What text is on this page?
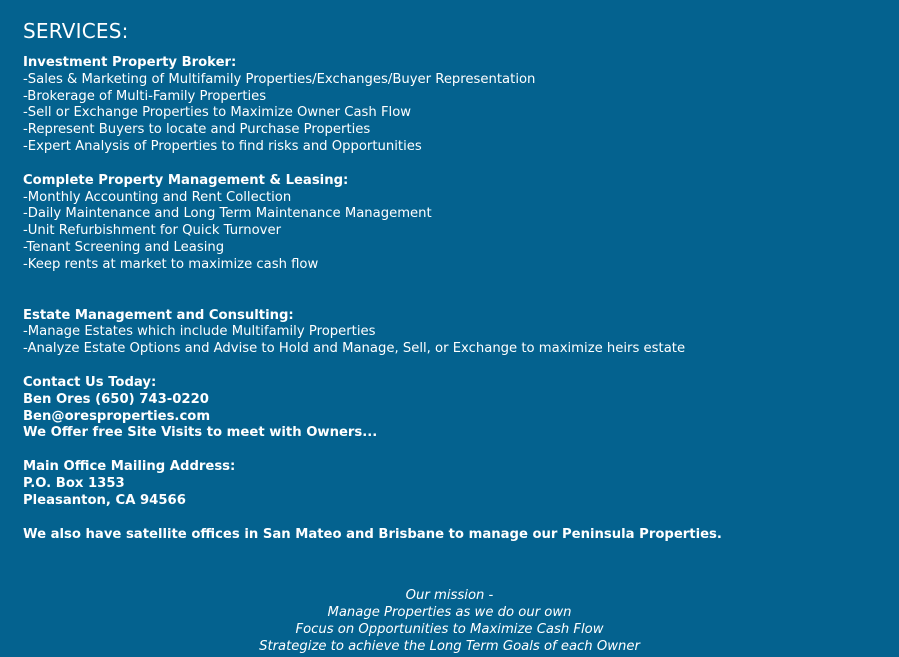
SERVICES:
Investment Property Broker:
-Sales & Marketing of Multifamily Properties/Exchanges/Buyer Representation
-Brokerage of Multi-Family Properties
-Sell or Exchange Properties to Maximize Owner Cash Flow
-Represent Buyers to locate and Purchase Properties
-Expert Analysis of Properties to find risks and Opportunities
Complete Property Management & Leasing:
-Monthly Accounting and Rent Collection
-Daily Maintenance and Long Term Maintenance Management
-Unit Refurbishment for Quick Turnover
-Tenant Screening and Leasing
-Keep rents at market to maximize cash flow
Estate Management and Consulting:
-Manage Estates which include Multifamily Properties
-Analyze Estate Options and Advise to Hold and Manage, Sell, or Exchange to maximize heirs estate
Contact Us Today:
Ben Ores (650) 743-0220
Ben@oresproperties.com
We Offer free Site Visits to meet with Owners...
Main Office Mailing Address:
P.O. Box 1353
Pleasanton, CA 94566
We also have satellite offices in San Mateo and Brisbane to manage our Peninsula Properties.
Our mission -
Manage Properties as we do our own
Focus on Opportunities to Maximize Cash Flow
Strategize to achieve the Long Term Goals of each Owner
